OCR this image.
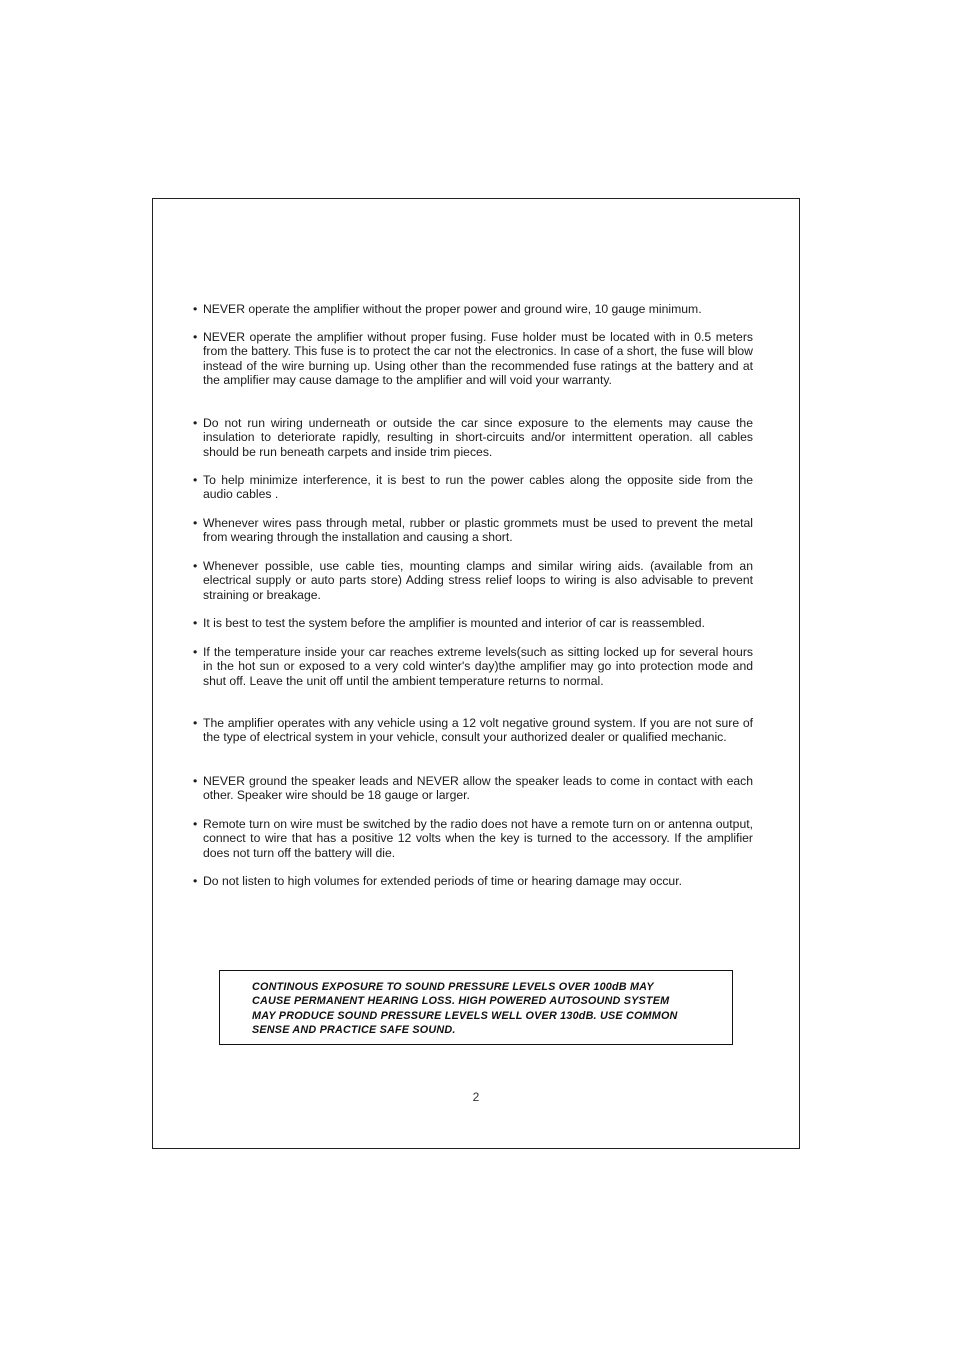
• NEVER operate the amplifier without the proper power and ground wire, 10 gauge minimum.
• NEVER operate the amplifier without proper fusing. Fuse holder must be located with in 0.5 meters from the battery. This fuse is to protect the car not the electronics. In case of a short, the fuse will blow instead of the wire burning up. Using other than the recommended fuse ratings at the battery and at the amplifier may cause damage to the amplifier and will void your warranty.
• Do not run wiring underneath or outside the car since exposure to the elements may cause the insulation to deteriorate rapidly, resulting in short-circuits and/or intermittent operation. all cables should be run beneath carpets and inside trim pieces.
• To help minimize interference, it is best to run the power cables along the opposite side from the audio cables .
• Whenever wires pass through metal, rubber or plastic grommets must be used to prevent the metal from wearing through the installation and causing a short.
• Whenever possible, use cable ties, mounting clamps and similar wiring aids. (available from an electrical supply or auto parts store) Adding stress relief loops to wiring is also advisable to prevent straining or breakage.
• It is best to test the system before the amplifier is mounted and interior of car is reassembled.
• If the temperature inside your car reaches extreme levels(such as sitting locked up for several hours in the hot sun or exposed to a very cold winter's day)the amplifier may go into protection mode and shut off. Leave the unit off until the ambient temperature returns to normal.
• The amplifier operates with any vehicle using a 12 volt negative ground system. If you are not sure of the type of electrical system in your vehicle, consult your authorized dealer or qualified mechanic.
• NEVER ground the speaker leads and NEVER allow the speaker leads to come in contact with each other. Speaker wire should be 18 gauge or larger.
• Remote turn on wire must be switched by the radio does not have a remote turn on or antenna output, connect to wire that has a positive 12 volts when the key is turned to the accessory. If the amplifier does not turn off the battery will die.
• Do not listen to high volumes for extended periods of time or hearing damage may occur.
CONTINOUS EXPOSURE TO SOUND PRESSURE LEVELS OVER 100dB MAY
CAUSE PERMANENT HEARING LOSS. HIGH POWERED AUTOSOUND SYSTEM
MAY PRODUCE SOUND PRESSURE LEVELS WELL OVER 130dB. USE COMMON
SENSE AND PRACTICE SAFE SOUND.
2
